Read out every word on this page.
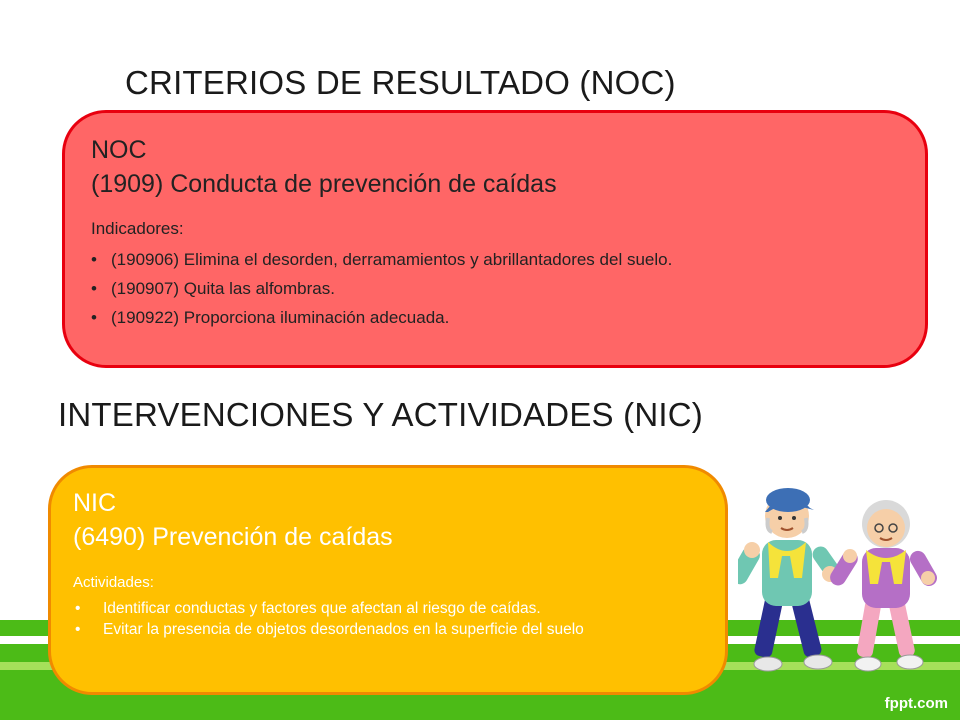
CRITERIOS DE RESULTADO (NOC)
NOC
(1909) Conducta de prevención de caídas
Indicadores:
• (190906) Elimina el desorden, derramamientos y abrillantadores del suelo.
• (190907) Quita las alfombras.
• (190922) Proporciona iluminación adecuada.
INTERVENCIONES Y ACTIVIDADES (NIC)
NIC
(6490) Prevención de caídas
Actividades:
• Identificar conductas y factores que afectan al riesgo de caídas.
• Evitar la presencia de objetos desordenados en la superficie del suelo
fppt.com
